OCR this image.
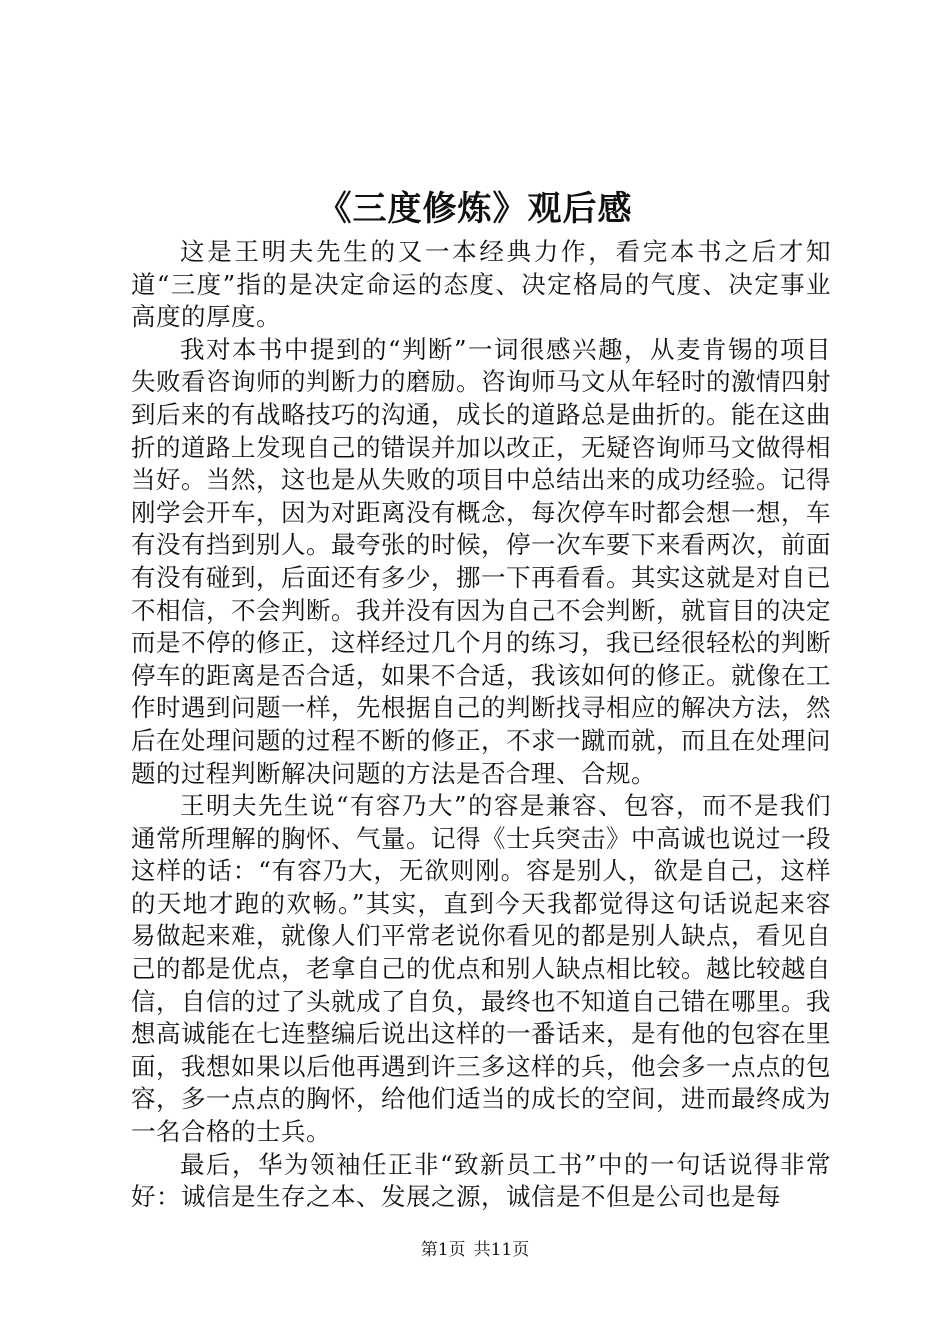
《三度修炼》观后感

这是王明夫先生的又一本经典力作，看完本书之后才知道“三度”指的是决定命运的态度、决定格局的气度、决定事业高度的厚度。

我对本书中提到的“判断”一词很感兴趣，从麦肯锡的项目失败看咨询师的判断力的磨励。咨询师马文从年轻时的激情四射到后来的有战略技巧的沟通，成长的道路总是曲折的。能在这曲折的道路上发现自己的错误并加以改正，无疑咨询师马文做得相当好。当然，这也是从失败的项目中总结出来的成功经验。记得刚学会开车，因为对距离没有概念，每次停车时都会想一想，车有没有挡到别人。最夸张的时候，停一次车要下来看两次，前面有没有碰到，后面还有多少，挪一下再看看。其实这就是对自已不相信，不会判断。我并没有因为自己不会判断，就盲目的决定而是不停的修正，这样经过几个月的练习，我已经很轻松的判断停车的距离是否合适，如果不合适，我该如何的修正。就像在工作时遇到问题一样，先根据自己的判断找寻相应的解决方法，然后在处理问题的过程不断的修正，不求一蹴而就，而且在处理问题的过程判断解决问题的方法是否合理、合规。

王明夫先生说“有容乃大”的容是兼容、包容，而不是我们通常所理解的胸怀、气量。记得《士兵突击》中高诚也说过一段这样的话：“有容乃大，无欲则刚。容是别人，欲是自己，这样的天地才跑的欢畅。”其实，直到今天我都觉得这句话说起来容易做起来难，就像人们平常老说你看见的都是别人缺点，看见自己的都是优点，老拿自己的优点和别人缺点相比较。越比较越自信，自信的过了头就成了自负，最终也不知道自己错在哪里。我想高诚能在七连整编后说出这样的一番话来，是有他的包容在里面，我想如果以后他再遇到许三多这样的兵，他会多一点点的包容，多一点点的胸怀，给他们适当的成长的空间，进而最终成为一名合格的士兵。

最后，华为领袖任正非“致新员工书”中的一句话说得非常好：诚信是生存之本、发展之源，诚信是不但是公司也是每

第1页 共11页
